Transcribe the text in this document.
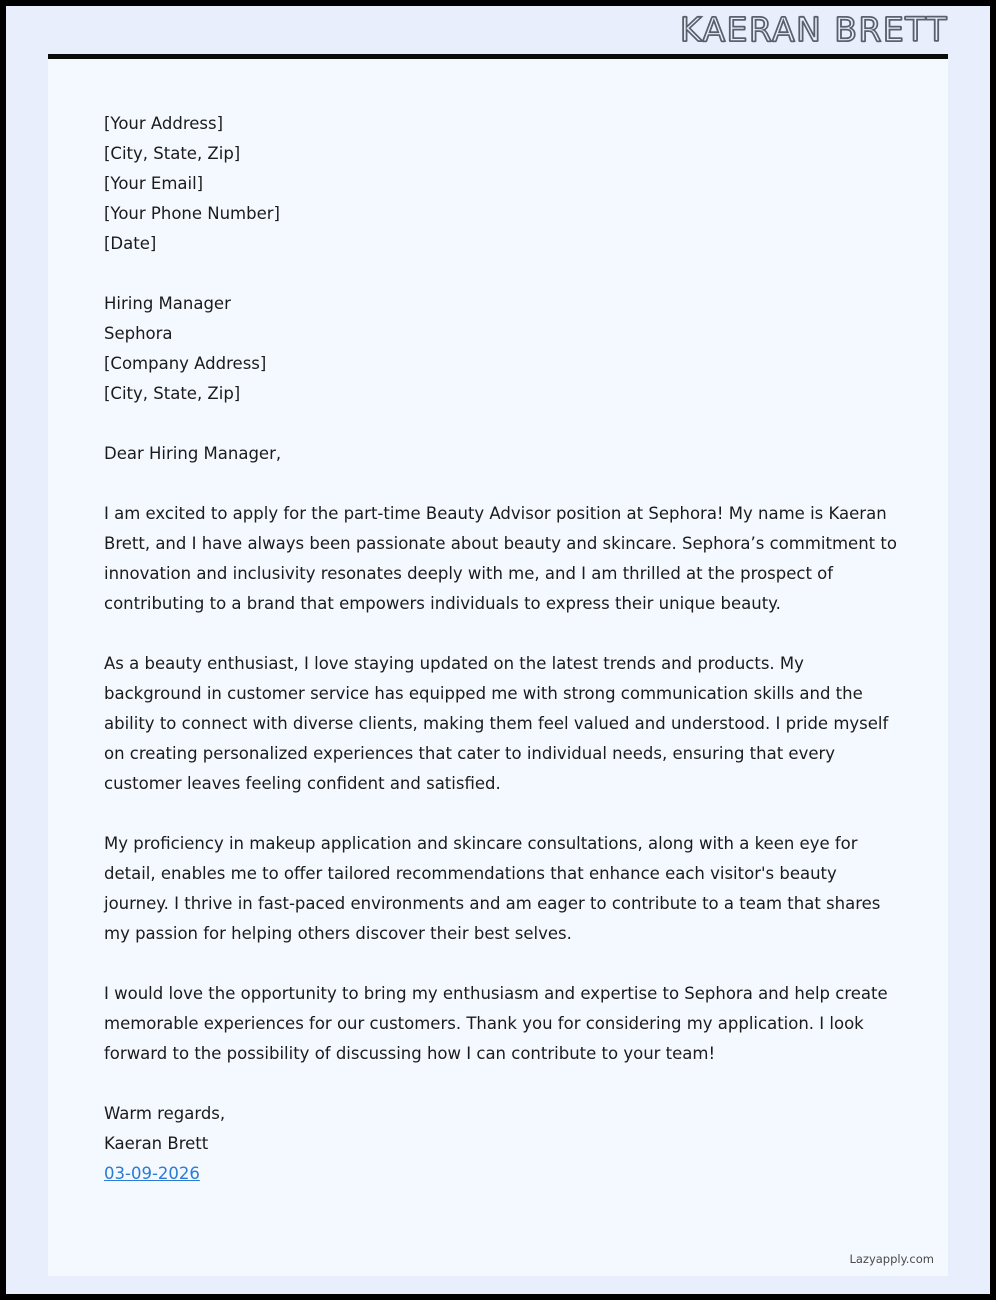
KAERAN BRETT
[Your Address]
[City, State, Zip]
[Your Email]
[Your Phone Number]
[Date]
Hiring Manager
Sephora
[Company Address]
[City, State, Zip]

Dear Hiring Manager,

I am excited to apply for the part-time Beauty Advisor position at Sephora! My name is Kaeran Brett, and I have always been passionate about beauty and skincare. Sephora’s commitment to innovation and inclusivity resonates deeply with me, and I am thrilled at the prospect of contributing to a brand that empowers individuals to express their unique beauty.

As a beauty enthusiast, I love staying updated on the latest trends and products. My background in customer service has equipped me with strong communication skills and the ability to connect with diverse clients, making them feel valued and understood. I pride myself on creating personalized experiences that cater to individual needs, ensuring that every customer leaves feeling confident and satisfied.

My proficiency in makeup application and skincare consultations, along with a keen eye for detail, enables me to offer tailored recommendations that enhance each visitor's beauty journey. I thrive in fast-paced environments and am eager to contribute to a team that shares my passion for helping others discover their best selves.

I would love the opportunity to bring my enthusiasm and expertise to Sephora and help create memorable experiences for our customers. Thank you for considering my application. I look forward to the possibility of discussing how I can contribute to your team!

Warm regards,
Kaeran Brett
03-09-2026
Lazyapply.com
